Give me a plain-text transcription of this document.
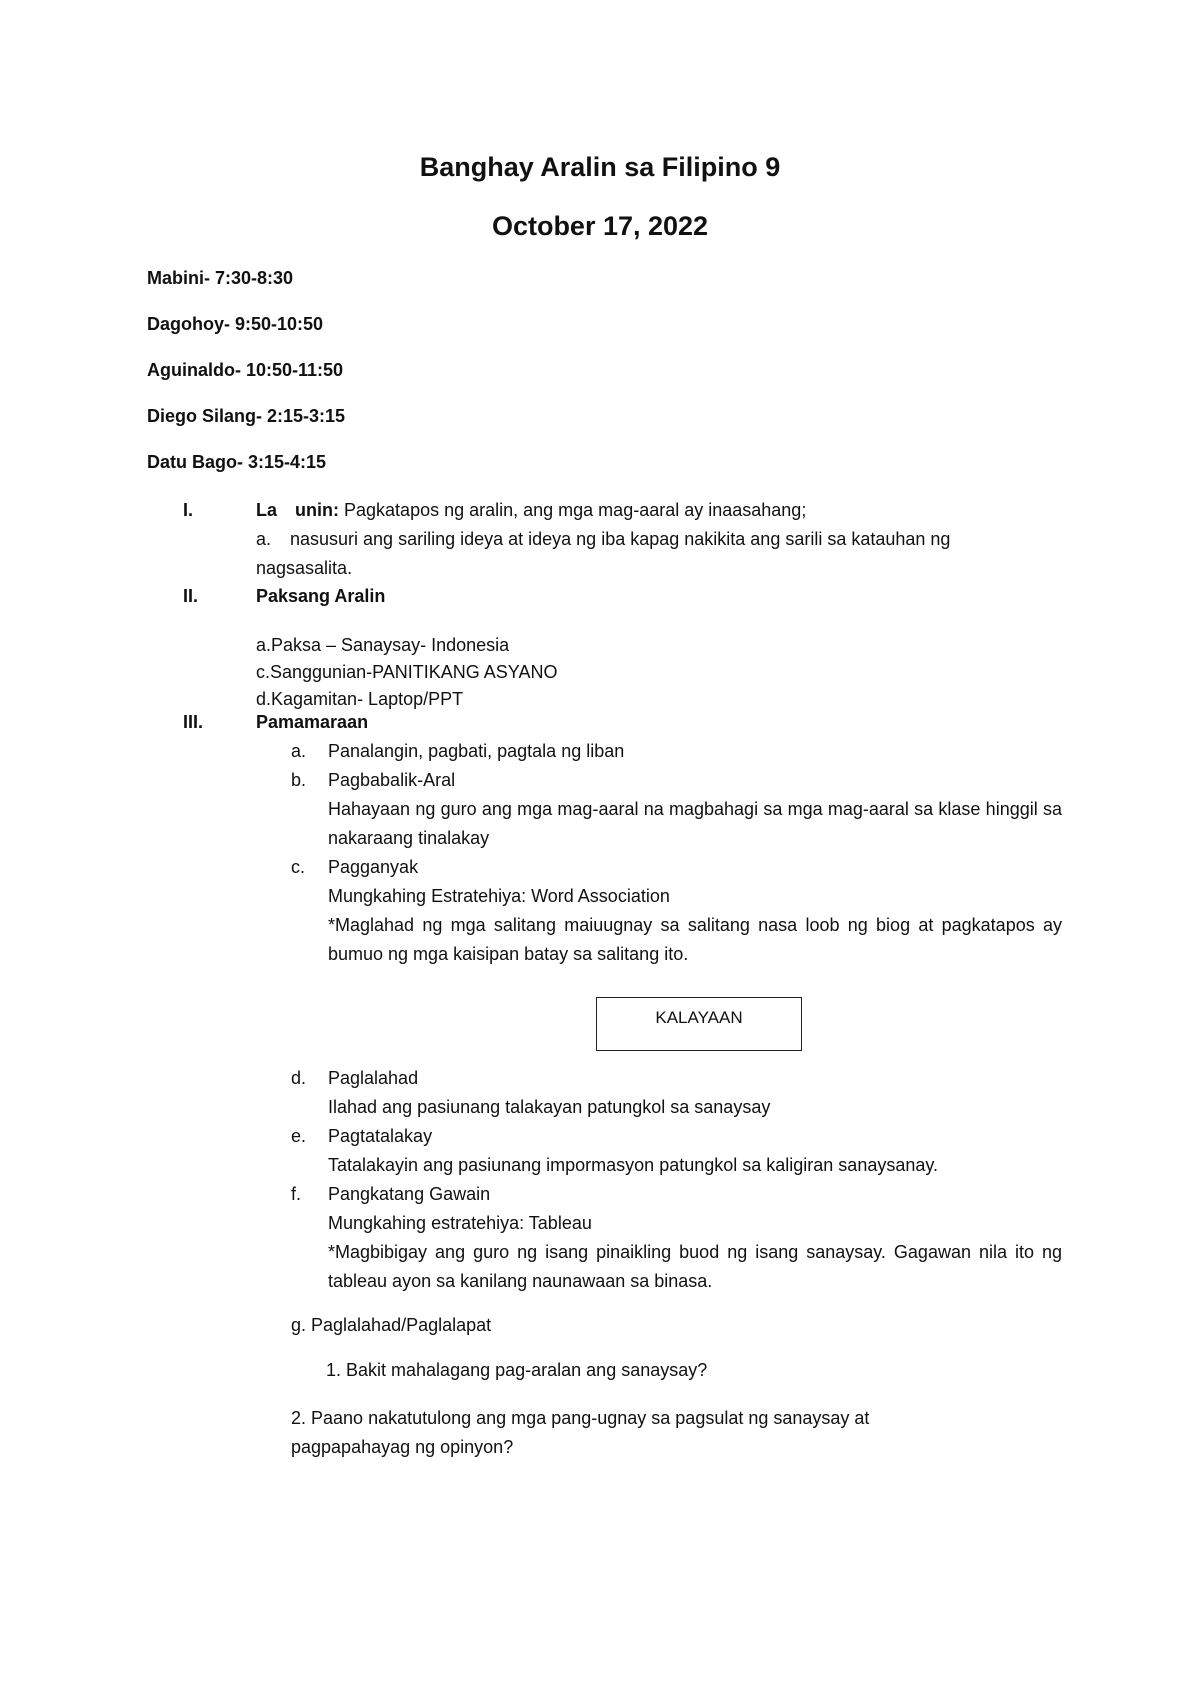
Banghay Aralin sa Filipino 9
October 17, 2022
Mabini- 7:30-8:30
Dagohoy- 9:50-10:50
Aguinaldo- 10:50-11:50
Diego Silang- 2:15-3:15
Datu Bago- 3:15-4:15
I.	La unin: Pagkatapos ng aralin, ang mga mag-aaral ay inaasahang;
a. nasusuri ang sariling ideya at ideya ng iba kapag nakikita ang sarili sa katauhan ng
nagsasalita.
II.	Paksang Aralin
a.Paksa – Sanaysay- Indonesia
c.Sanggunian-PANITIKANG ASYANO
d.Kagamitan- Laptop/PPT
III.	Pamamaraan
a. Panalangin, pagbati, pagtala ng liban
b. Pagbabalik-Aral
Hahayaan ng guro ang mga mag-aaral na magbahagi sa mga mag-aaral sa klase hinggil sa nakaraang tinalakay
c. Pagganyak
Mungkahing Estratehiya: Word Association
*Maglahad ng mga salitang maiuugnay sa salitang nasa loob ng biog at pagkatapos ay bumuo ng mga kaisipan batay sa salitang ito.
KALAYAAN
d. Paglalahad
Ilahad ang pasiunang talakayan patungkol sa sanaysay
e. Pagtatalakay
Tatalakayin ang pasiunang impormasyon patungkol sa kaligiran sanaysanay.
f. Pangkatang Gawain
Mungkahing estratehiya: Tableau
*Magbibigay ang guro ng isang pinaikling buod ng isang sanaysay. Gagawan nila ito ng tableau ayon sa kanilang naunawaan sa binasa.
g. Paglalahad/Paglalapat
1. Bakit mahalagang pag-aralan ang sanaysay?
2. Paano nakatutulong ang mga pang-ugnay sa pagsulat ng sanaysay at
pagpapahayag ng opinyon?
